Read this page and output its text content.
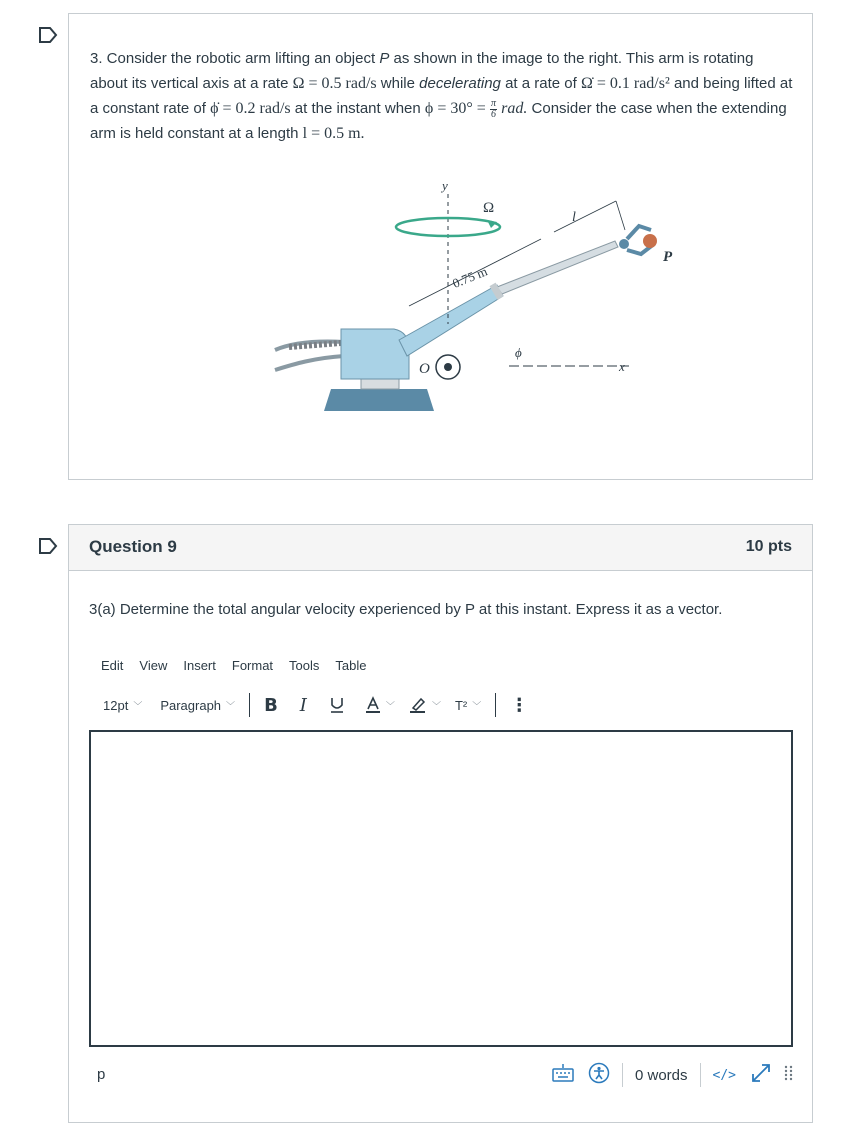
3. Consider the robotic arm lifting an object P as shown in the image to the right. This arm is rotating about its vertical axis at a rate Ω = 0.5 rad/s while decelerating at a rate of Ω̇ = 0.1 rad/s² and being lifted at a constant rate of ϕ̇ = 0.2 rad/s at the instant when $\phi = 30^\circ = \frac{\pi}{6}$ rad. Consider the case when the extending arm is held constant at a length l = 0.5 m.
y
Ω
l
P
0.75 m
O
ϕ
x
Question 9	10 pts
3(a) Determine the total angular velocity experienced by P at this instant. Express it as a vector.
Edit View Insert Format Tools Table
12pt ﹀ Paragraph ﹀ B I	﹀	﹀ T² ﹀ ⋮
p	0 words </>
